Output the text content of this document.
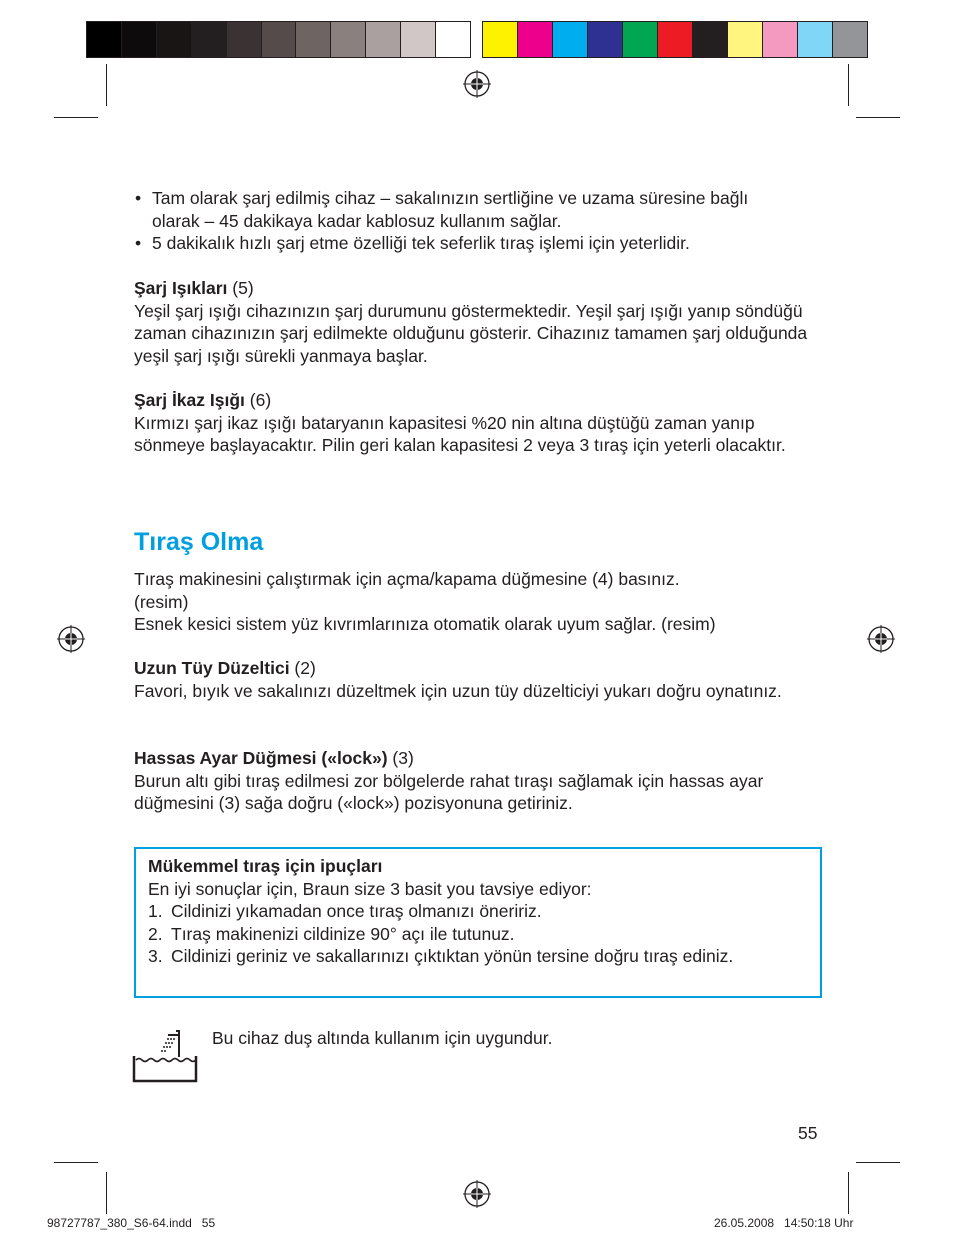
• Tam olarak şarj edilmiş cihaz – sakalınızın sertliğine ve uzama süresine bağlı olarak – 45 dakikaya kadar kablosuz kullanım sağlar.
• 5 dakikalık hızlı şarj etme özelliği tek seferlik tıraş işlemi için yeterlidir.
Şarj Işıkları (5)
Yeşil şarj ışığı cihazınızın şarj durumunu göstermektedir. Yeşil şarj ışığı yanıp söndüğü zaman cihazınızın şarj edilmekte olduğunu gösterir. Cihazınız tamamen şarj olduğunda yeşil şarj ışığı sürekli yanmaya başlar.
Şarj İkaz Işığı (6)
Kırmızı şarj ikaz ışığı bataryanın kapasitesi %20 nin altına düştüğü zaman yanıp sönmeye başlayacaktır. Pilin geri kalan kapasitesi 2 veya 3 tıraş için yeterli olacaktır.
Tıraş Olma
Tıraş makinesini çalıştırmak için açma/kapama düğmesine (4) basınız.
(resim)
Esnek kesici sistem yüz kıvrımlarınıza otomatik olarak uyum sağlar. (resim)
Uzun Tüy Düzeltici (2)
Favori, bıyık ve sakalınızı düzeltmek için uzun tüy düzelticiyi yukarı doğru oynatınız.
Hassas Ayar Düğmesi («lock») (3)
Burun altı gibi tıraş edilmesi zor bölgelerde rahat tıraşı sağlamak için hassas ayar düğmesini (3) sağa doğru («lock») pozisyonuna getiriniz.
Mükemmel tıraş için ipuçları
En iyi sonuçlar için, Braun size 3 basit you tavsiye ediyor:
1. Cildinizi yıkamadan once tıraş olmanızı öneririz.
2. Tıraş makinenizi cildinize 90° açı ile tutunuz.
3. Cildinizi geriniz ve sakallarınızı çıktıktan yönün tersine doğru tıraş ediniz.
Bu cihaz duş altında kullanım için uygundur.
55
98727787_380_S6-64.indd   55	26.05.2008   14:50:18 Uhr
